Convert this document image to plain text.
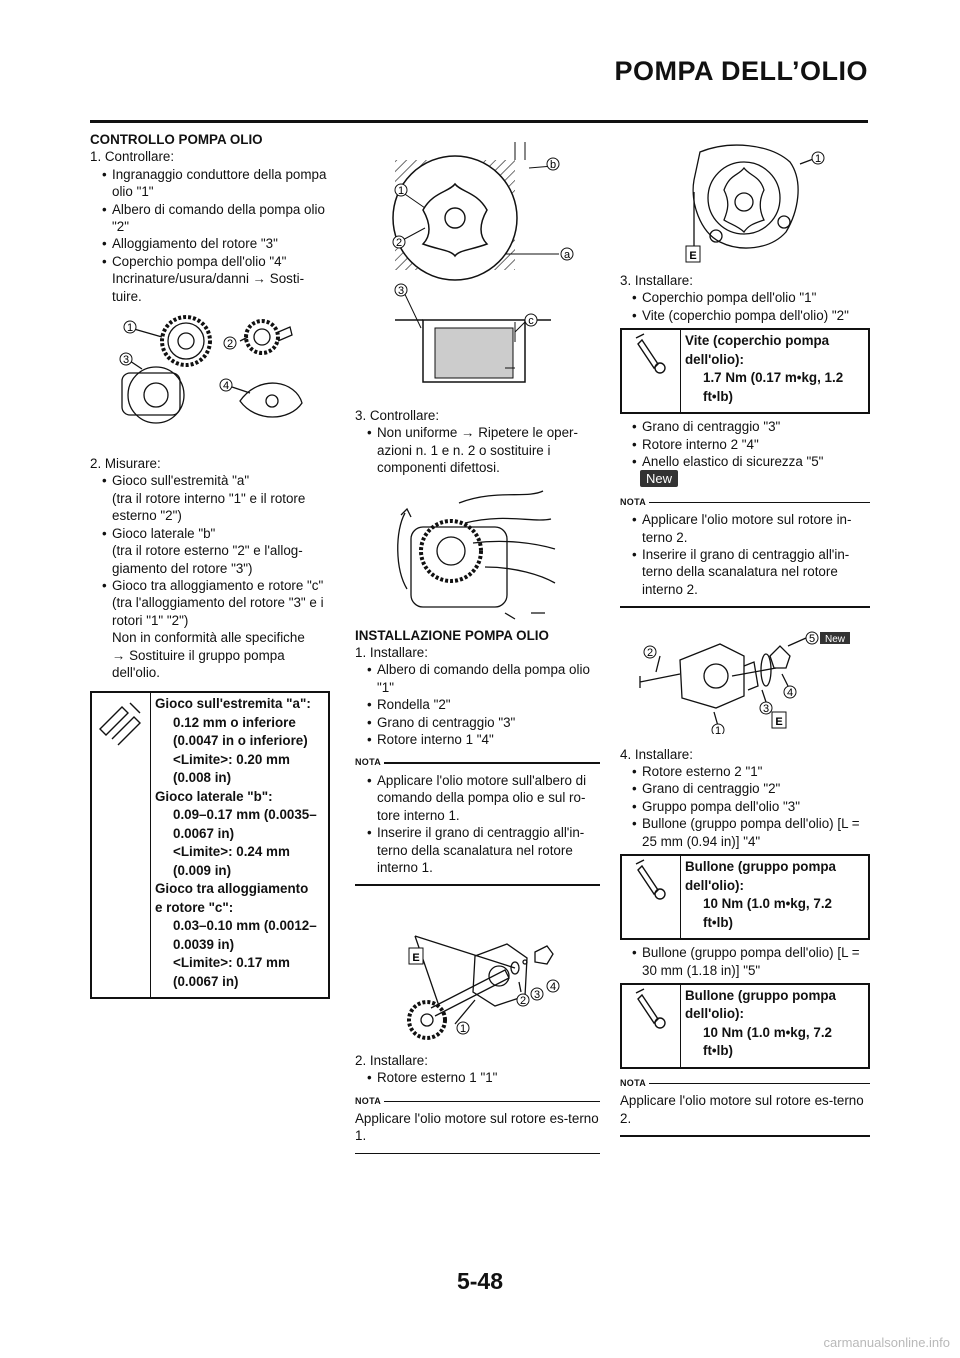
POMPA DELL’OLIO
CONTROLLO POMPA OLIO
1. Controllare:
• Ingranaggio conduttore della pompa olio "1"
• Albero di comando della pompa olio "2"
• Alloggiamento del rotore "3"
• Coperchio pompa dell'olio "4"
Incrinature/usura/danni → Sosti-tuire.
1
2
3
4
2. Misurare:
• Gioco sull'estremità "a"
(tra il rotore interno "1" e il rotore esterno "2")
• Gioco laterale "b"
(tra il rotore esterno "2" e l'allog-giamento del rotore "3")
• Gioco tra alloggiamento e rotore "c"
(tra l'alloggiamento del rotore "3" e i rotori "1" "2")
Non in conformità alle specifiche
→ Sostituire il gruppo pompa dell'olio.
Gioco sull'estremita "a":
0.12 mm o inferiore
(0.0047 in o inferiore)
<Limite>: 0.20 mm
(0.008 in)
Gioco laterale "b":
0.09–0.17 mm (0.0035–
0.0067 in)
<Limite>: 0.24 mm
(0.009 in)
Gioco tra alloggiamento
e rotore "c":
0.03–0.10 mm (0.0012–
0.0039 in)
<Limite>: 0.17 mm
(0.0067 in)
1
2
3
a
b
c
3. Controllare:
• Non uniforme → Ripetere le oper-azioni n. 1 e n. 2 o sostituire i componenti difettosi.
INSTALLAZIONE POMPA OLIO
1. Installare:
• Albero di comando della pompa olio "1"
• Rondella "2"
• Grano di centraggio "3"
• Rotore interno 1 "4"
NOTA
• Applicare l'olio motore sull'albero di comando della pompa olio e sul ro-tore interno 1.
• Inserire il grano di centraggio all'in-terno della scanalatura nel rotore interno 1.
E
1
2 3
4
2. Installare:
• Rotore esterno 1 "1"
NOTA
Applicare l'olio motore sul rotore es-terno 1.
E
1
3. Installare:
• Coperchio pompa dell'olio "1"
• Vite (coperchio pompa dell'olio) "2"
Vite (coperchio pompa dell'olio):
1.7 Nm (0.17 m•kg, 1.2 ft•lb)
• Grano di centraggio "3"
• Rotore interno 2 "4"
• Anello elastico di sicurezza "5"
New
NOTA
• Applicare l'olio motore sul rotore in-terno 2.
• Inserire il grano di centraggio all'in-terno della scanalatura nel rotore interno 2.
E
New
1
2
3
4
5
4. Installare:
• Rotore esterno 2 "1"
• Grano di centraggio "2"
• Gruppo pompa dell'olio "3"
• Bullone (gruppo pompa dell'olio) [L = 25 mm (0.94 in)] "4"
Bullone (gruppo pompa dell'olio):
10 Nm (1.0 m•kg, 7.2 ft•lb)
• Bullone (gruppo pompa dell'olio) [L = 30 mm (1.18 in)] "5"
Bullone (gruppo pompa dell'olio):
10 Nm (1.0 m•kg, 7.2 ft•lb)
NOTA
Applicare l'olio motore sul rotore es-terno 2.
5-48
carmanualsonline.info
